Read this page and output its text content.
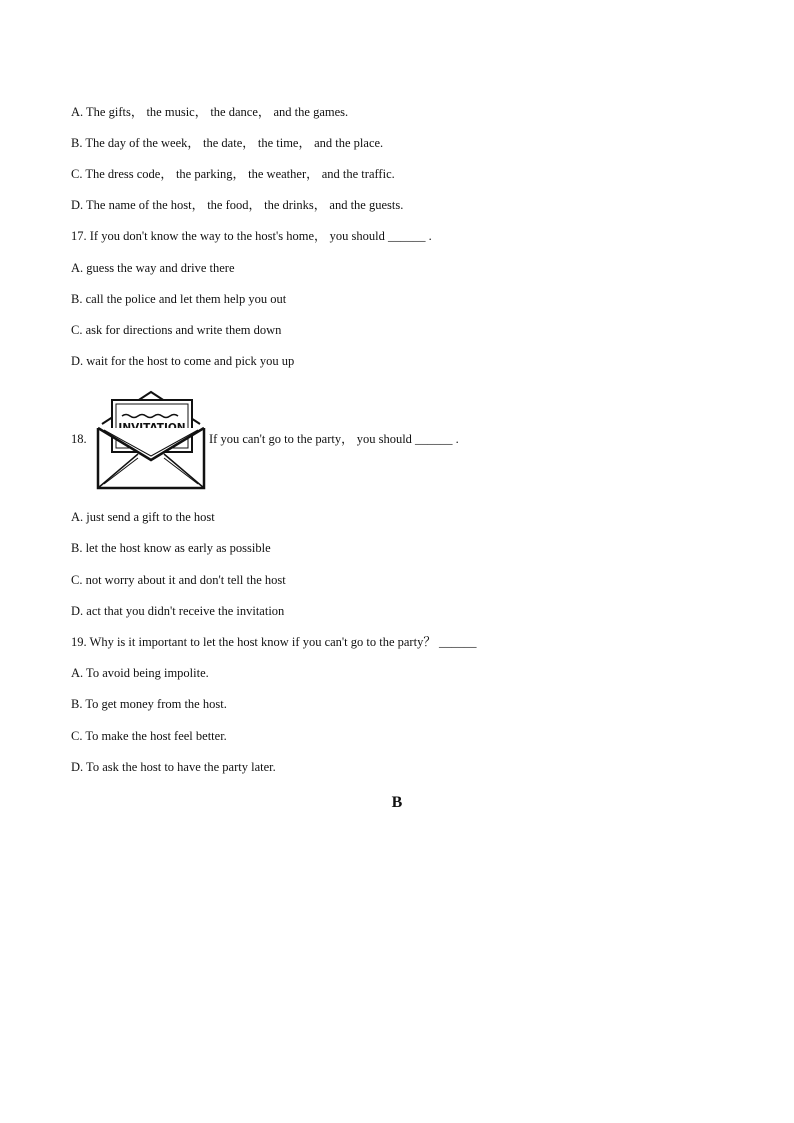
A. The gifts， the music， the dance， and the games.
B. The day of the week， the date， the time， and the place.
C. The dress code， the parking， the weather， and the traffic.
D. The name of the host， the food， the drinks， and the guests.
17. If you don't know the way to the host's home， you should ______ .
A. guess the way and drive there
B. call the police and let them help you out
C. ask for directions and write them down
D. wait for the host to come and pick you up
18.	If you can't go to the party， you should ______ .
A. just send a gift to the host
B. let the host know as early as possible
C. not worry about it and don't tell the host
D. act that you didn't receive the invitation
19. Why is it important to let the host know if you can't go to the party？ ______
A. To avoid being impolite.
B. To get money from the host.
C. To make the host feel better.
D. To ask the host to have the party later.
B
